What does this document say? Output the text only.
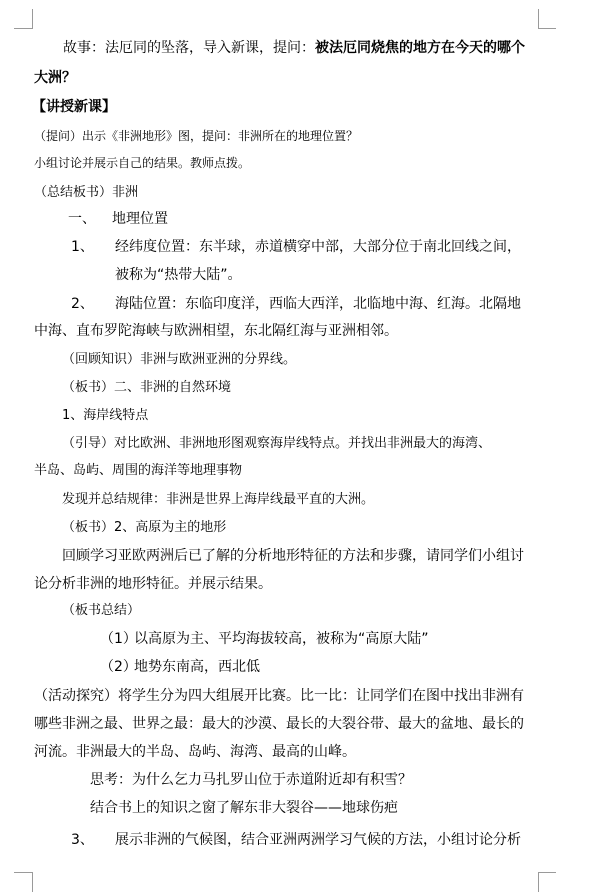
故事：法厄同的坠落，导入新课，提问：被法厄同烧焦的地方在今天的哪个
大洲？
【讲授新课】
（提问）出示《非洲地形》图，提问：非洲所在的地理位置？
小组讨论并展示自己的结果。教师点拨。
（总结板书）非洲
一、 地理位置
1、 经纬度位置：东半球，赤道横穿中部，大部分位于南北回线之间，
被称为“热带大陆”。
2、 海陆位置：东临印度洋，西临大西洋，北临地中海、红海。北隔地
中海、直布罗陀海峡与欧洲相望，东北隔红海与亚洲相邻。
（回顾知识）非洲与欧洲亚洲的分界线。
（板书）二、非洲的自然环境
1、海岸线特点
（引导）对比欧洲、非洲地形图观察海岸线特点。并找出非洲最大的海湾、
半岛、岛屿、周围的海洋等地理事物
发现并总结规律：非洲是世界上海岸线最平直的大洲。
（板书）2、高原为主的地形
回顾学习亚欧两洲后已了解的分析地形特征的方法和步骤，请同学们小组讨
论分析非洲的地形特征。并展示结果。
（板书总结）
（1）
以高原为主、平均海拔较高，被称为“高原大陆”
（2）
地势东南高，西北低
（活动探究）将学生分为四大组展开比赛。比一比：让同学们在图中找出非洲有
哪些非洲之最、世界之最：最大的沙漠、最长的大裂谷带、最大的盆地、最长的
河流。非洲最大的半岛、岛屿、海湾、最高的山峰。
思考：为什么乞力马扎罗山位于赤道附近却有积雪？
结合书上的知识之窗了解东非大裂谷——地球伤疤
3、 展示非洲的气候图，结合亚洲两洲学习气候的方法，小组讨论分析
